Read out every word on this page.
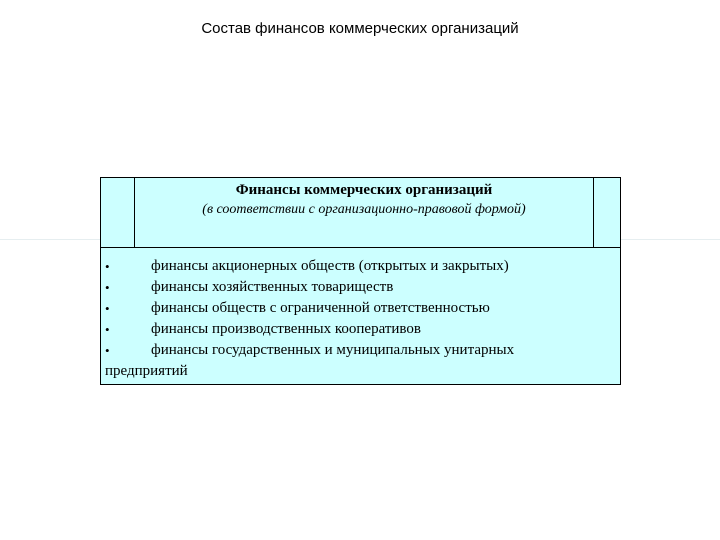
Состав финансов коммерческих организаций
Финансы коммерческих организаций
(в соответствии с организационно-правовой формой)
•	финансы акционерных обществ (открытых и закрытых)
•	финансы хозяйственных товариществ
•	финансы обществ с ограниченной ответственностью
•	финансы производственных кооперативов
•	финансы государственных и муниципальных унитарных
предприятий
